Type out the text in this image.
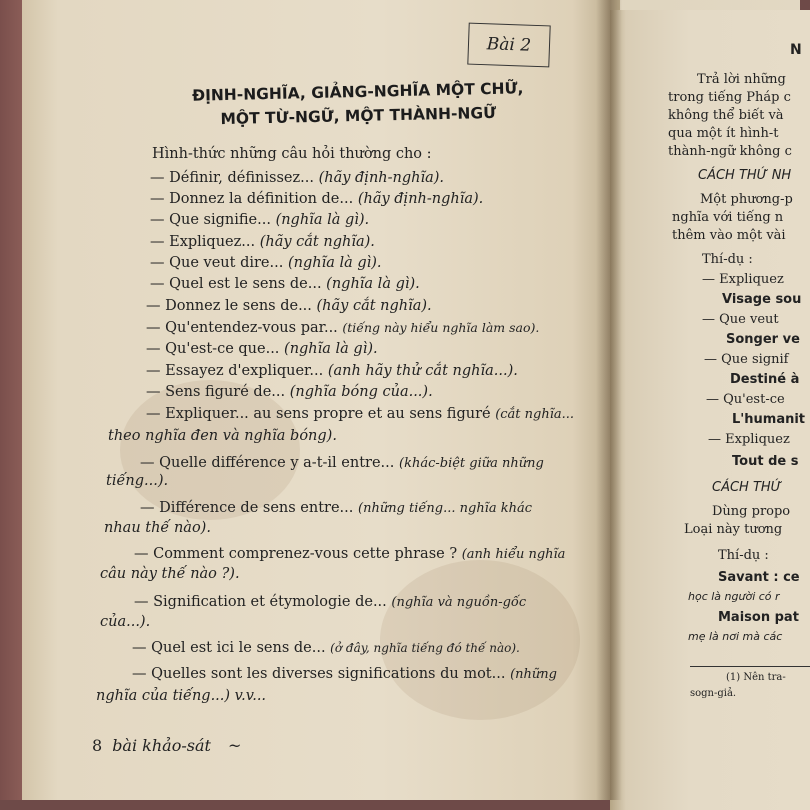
Bài 2
ĐỊNH-NGHĨA, GIẢNG-NGHĨA MỘT CHỮ,
MỘT TỪ-NGỮ, MỘT THÀNH-NGỮ
Hình-thức những câu hỏi thường cho :
— Définir, définissez... (hãy định-nghĩa).
— Donnez la définition de... (hãy định-nghĩa).
— Que signifie... (nghĩa là gì).
— Expliquez... (hãy cắt nghĩa).
— Que veut dire... (nghĩa là gì).
— Quel est le sens de... (nghĩa là gì).
— Donnez le sens de... (hãy cắt nghĩa).
— Qu'entendez-vous par... (tiếng này hiểu nghĩa làm sao).
— Qu'est-ce que... (nghĩa là gì).
— Essayez d'expliquer... (anh hãy thử cắt nghĩa...).
— Sens figuré de... (nghĩa bóng của...).
— Expliquer... au sens propre et au sens figuré (cắt nghĩa...
theo nghĩa đen và nghĩa bóng).
— Quelle différence y a-t-il entre... (khác-biệt giữa những
tiếng...).
— Différence de sens entre... (những tiếng... nghĩa khác
nhau thế nào).
— Comment comprenez-vous cette phrase ? (anh hiểu nghĩa
câu này thế nào ?).
— Signification et étymologie de... (nghĩa và nguồn-gốc
của...).
— Quel est ici le sens de... (ở đây, nghĩa tiếng đó thế nào).
— Quelles sont les diverses significations du mot... (những
nghĩa của tiếng...) v.v...
8 bài khảo-sát ~
N
Trả lời những
trong tiếng Pháp c
không thể biết và
qua một ít hình-t
thành-ngữ không c
CÁCH THỨ NH
Một phương-p
nghĩa với tiếng n
thêm vào một vài
Thí-dụ :
— Expliquez
Visage sou
— Que veut
Songer ve
— Que signif
Destiné à
— Qu'est-ce
L'humanit
— Expliquez
Tout de s
CÁCH THỨ
Dùng propo
Loại này tương
Thí-dụ :
Savant : ce
học là người có r
Maison pat
mẹ là nơi mà các
(1) Nên tra-
sogn-giả.
